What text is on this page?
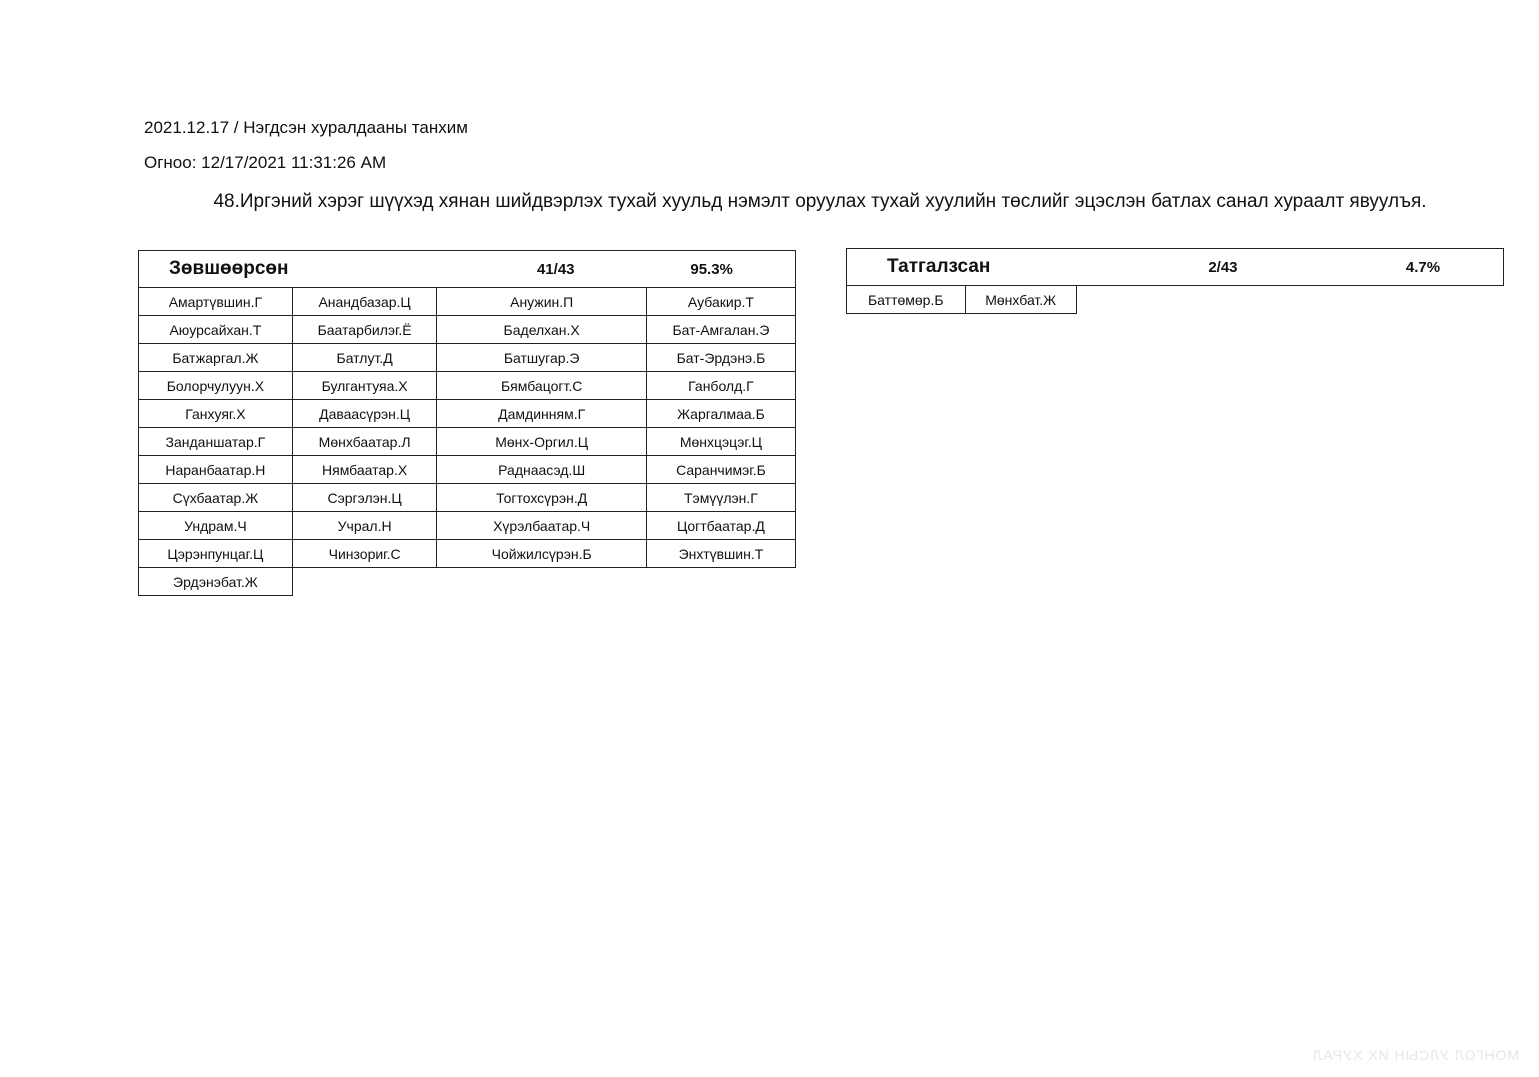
2021.12.17 / Нэгдсэн хуралдааны танхим
Огноо: 12/17/2021 11:31:26 AM
48.Иргэний хэрэг шүүхэд хянан шийдвэрлэх тухай хуульд нэмэлт оруулах тухай хуулийн төслийг эцэслэн батлах санал хураалт явуулъя.
Зөвшөөрсөн		41/43	95.3%
Амартүвшин.Г	Анандбазар.Ц	Анужин.П	Аубакир.Т
Аюурсайхан.Т	Баатарбилэг.Ё	Баделхан.Х	Бат-Амгалан.Э
Батжаргал.Ж	Батлут.Д	Батшугар.Э	Бат-Эрдэнэ.Б
Болорчулуун.Х	Булгантуяа.Х	Бямбацогт.С	Ганболд.Г
Ганхуяг.Х	Даваасүрэн.Ц	Дамдинням.Г	Жаргалмаа.Б
Занданшатар.Г	Мөнхбаатар.Л	Мөнх-Оргил.Ц	Мөнхцэцэг.Ц
Наранбаатар.Н	Нямбаатар.Х	Раднаасэд.Ш	Саранчимэг.Б
Сүхбаатар.Ж	Сэргэлэн.Ц	Тогтохсүрэн.Д	Тэмүүлэн.Г
Ундрам.Ч	Учрал.Н	Хүрэлбаатар.Ч	Цогтбаатар.Д
Цэрэнпунцаг.Ц	Чинзориг.С	Чойжилсүрэн.Б	Энхтүвшин.Т
Эрдэнэбат.Ж			
Татгалзсан		2/43	4.7%
Баттөмөр.Б	Мөнхбат.Ж		
МОНГОЛ УЛСЫН ИХ ХУРАЛ
